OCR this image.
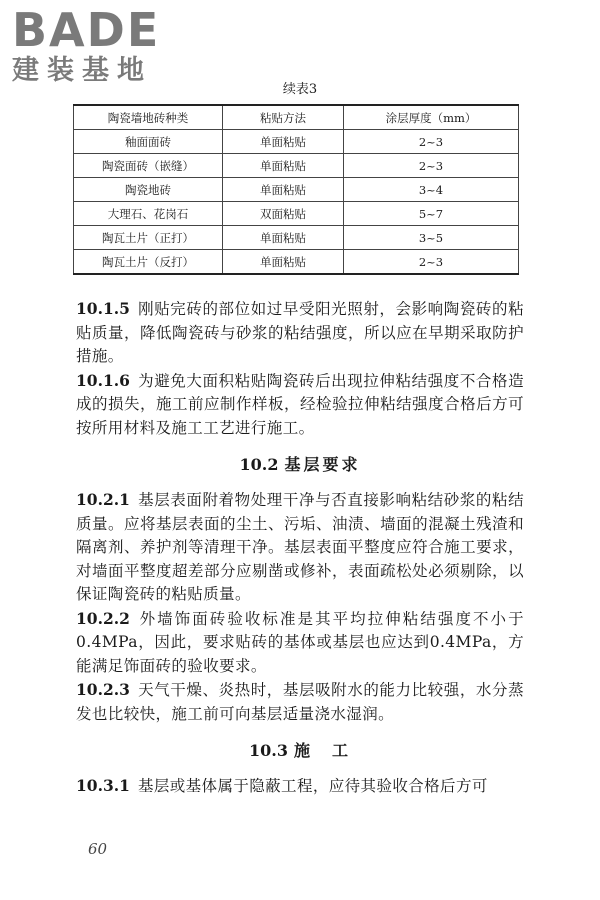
BADE
建装基地
续表3
陶瓷墙地砖种类	粘贴方法	涂层厚度（mm）
釉面面砖	单面粘贴	2~3
陶瓷面砖（嵌缝）	单面粘贴	2~3
陶瓷地砖	单面粘贴	3~4
大理石、花岗石	双面粘贴	5~7
陶瓦土片（正打）	单面粘贴	3~5
陶瓦土片（反打）	单面粘贴	2~3

10.1.5 刚贴完砖的部位如过早受阳光照射，会影响陶瓷砖的粘贴质量，降低陶瓷砖与砂浆的粘结强度，所以应在早期采取防护措施。

10.1.6 为避免大面积粘贴陶瓷砖后出现拉伸粘结强度不合格造成的损失，施工前应制作样板，经检验拉伸粘结强度合格后方可按所用材料及施工工艺进行施工。

10.2 基层要求

10.2.1 基层表面附着物处理干净与否直接影响粘结砂浆的粘结质量。应将基层表面的尘土、污垢、油渍、墙面的混凝土残渣和隔离剂、养护剂等清理干净。基层表面平整度应符合施工要求，对墙面平整度超差部分应剔凿或修补，表面疏松处必须剔除，以保证陶瓷砖的粘贴质量。

10.2.2 外墙饰面砖验收标准是其平均拉伸粘结强度不小于0.4MPa，因此，要求贴砖的基体或基层也应达到0.4MPa，方能满足饰面砖的验收要求。

10.2.3 天气干燥、炎热时，基层吸附水的能力比较强，水分蒸发也比较快，施工前可向基层适量浇水湿润。

10.3 施　工

10.3.1 基层或基体属于隐蔽工程，应待其验收合格后方可

60
